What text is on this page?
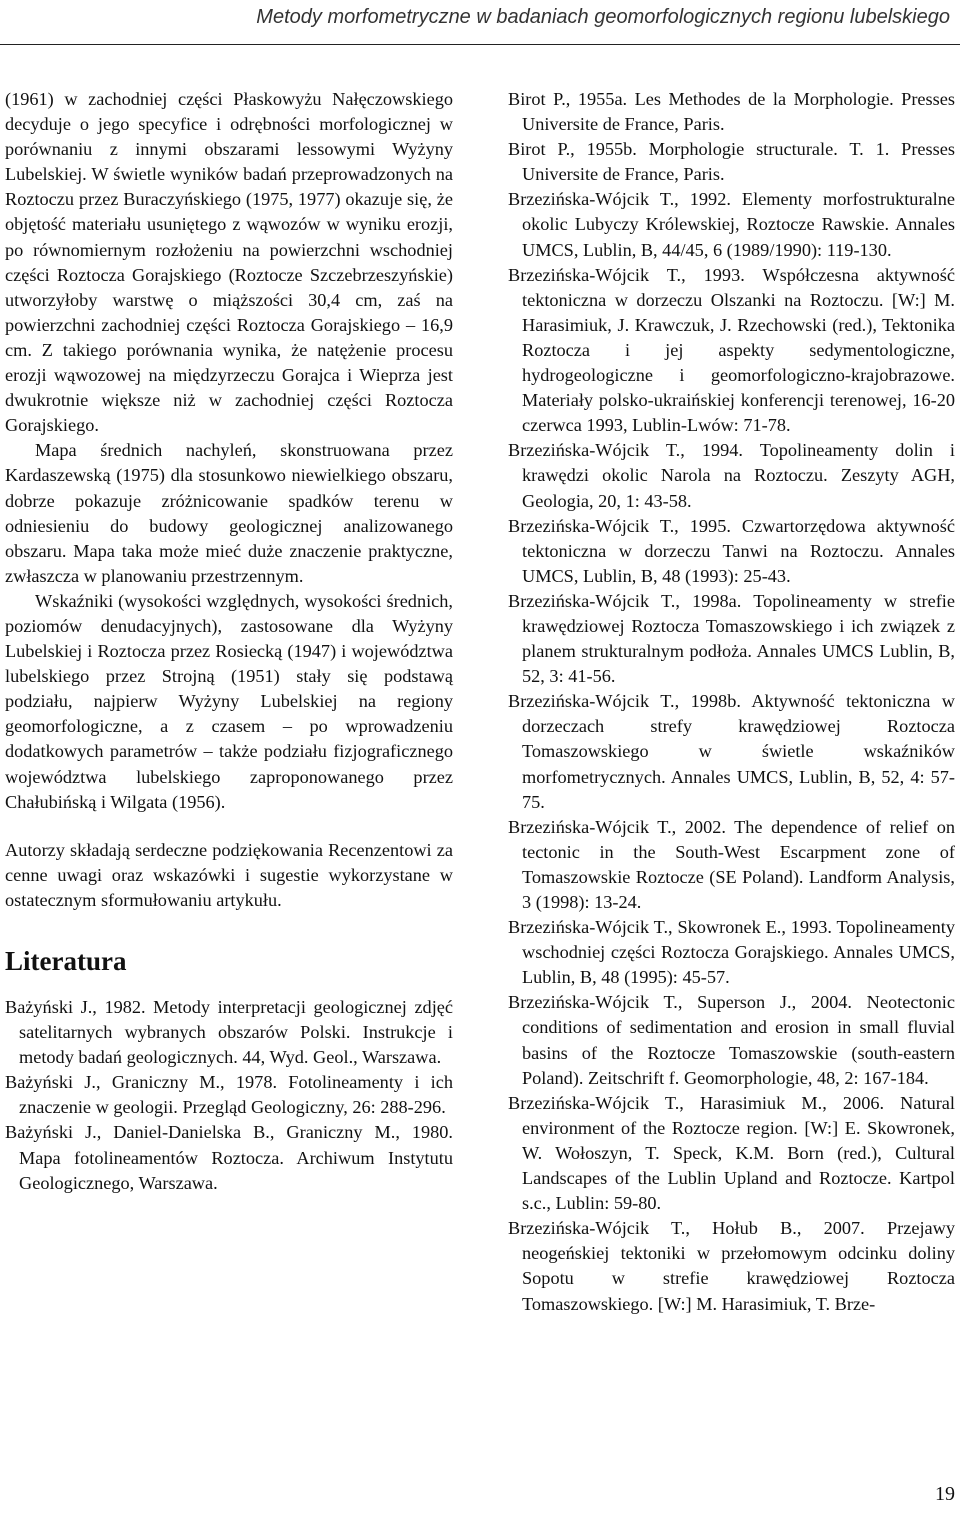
Metody morfometryczne w badaniach geomorfologicznych regionu lubelskiego

(1961) w zachodniej części Płaskowyżu Nałęczowskiego decyduje o jego specyfice i odrębności morfologicznej w porównaniu z innymi obszarami lessowymi Wyżyny Lubelskiej. W świetle wyników badań przeprowadzonych na Roztoczu przez Buraczyńskiego (1975, 1977) okazuje się, że objętość materiału usuniętego z wąwozów w wyniku erozji, po równomiernym rozłożeniu na powierzchni wschodniej części Roztocza Gorajskiego (Roztocze Szczebrzeszyńskie) utworzyłoby warstwę o miąższości 30,4 cm, zaś na powierzchni zachodniej części Roztocza Gorajskiego – 16,9 cm. Z takiego porównania wynika, że natężenie procesu erozji wąwozowej na międzyrzeczu Gorajca i Wieprza jest dwukrotnie większe niż w zachodniej części Roztocza Gorajskiego.

Mapa średnich nachyleń, skonstruowana przez Kardaszewską (1975) dla stosunkowo niewielkiego obszaru, dobrze pokazuje zróżnicowanie spadków terenu w odniesieniu do budowy geologicznej analizowanego obszaru. Mapa taka może mieć duże znaczenie praktyczne, zwłaszcza w planowaniu przestrzennym.

Wskaźniki (wysokości względnych, wysokości średnich, poziomów denudacyjnych), zastosowane dla Wyżyny Lubelskiej i Roztocza przez Rosiecką (1947) i województwa lubelskiego przez Strojną (1951) stały się podstawą podziału, najpierw Wyżyny Lubelskiej na regiony geomorfologiczne, a z czasem – po wprowadzeniu dodatkowych parametrów – także podziału fizjograficznego województwa lubelskiego zaproponowanego przez Chałubińską i Wilgata (1956).

Autorzy składają serdeczne podziękowania Recenzentowi za cenne uwagi oraz wskazówki i sugestie wykorzystane w ostatecznym sformułowaniu artykułu.

Literatura

Bażyński J., 1982. Metody interpretacji geologicznej zdjęć satelitarnych wybranych obszarów Polski. Instrukcje i metody badań geologicznych. 44, Wyd. Geol., Warszawa.

Bażyński J., Graniczny M., 1978. Fotolineamenty i ich znaczenie w geologii. Przegląd Geologiczny, 26: 288-296.

Bażyński J., Daniel-Danielska B., Graniczny M., 1980. Mapa fotolineamentów Roztocza. Archiwum Instytutu Geologicznego, Warszawa.

Birot P., 1955a. Les Methodes de la Morphologie. Presses Universite de France, Paris.

Birot P., 1955b. Morphologie structurale. T. 1. Presses Universite de France, Paris.

Brzezińska-Wójcik T., 1992. Elementy morfostrukturalne okolic Lubyczy Królewskiej, Roztocze Rawskie. Annales UMCS, Lublin, B, 44/45, 6 (1989/1990): 119-130.

Brzezińska-Wójcik T., 1993. Współczesna aktywność tektoniczna w dorzeczu Olszanki na Roztoczu. [W:] M. Harasimiuk, J. Krawczuk, J. Rzechowski (red.), Tektonika Roztocza i jej aspekty sedymentologiczne, hydrogeologiczne i geomorfologiczno-krajobrazowe. Materiały polsko-ukraińskiej konferencji terenowej, 16-20 czerwca 1993, Lublin-Lwów: 71-78.

Brzezińska-Wójcik T., 1994. Topolineamenty dolin i krawędzi okolic Narola na Roztoczu. Zeszyty AGH, Geologia, 20, 1: 43-58.

Brzezińska-Wójcik T., 1995. Czwartorzędowa aktywność tektoniczna w dorzeczu Tanwi na Roztoczu. Annales UMCS, Lublin, B, 48 (1993): 25-43.

Brzezińska-Wójcik T., 1998a. Topolineamenty w strefie krawędziowej Roztocza Tomaszowskiego i ich związek z planem strukturalnym podłoża. Annales UMCS Lublin, B, 52, 3: 41-56.

Brzezińska-Wójcik T., 1998b. Aktywność tektoniczna w dorzeczach strefy krawędziowej Roztocza Tomaszowskiego w świetle wskaźników morfometrycznych. Annales UMCS, Lublin, B, 52, 4: 57-75.

Brzezińska-Wójcik T., 2002. The dependence of relief on tectonic in the South-West Escarpment zone of Tomaszowskie Roztocze (SE Poland). Landform Analysis, 3 (1998): 13-24.

Brzezińska-Wójcik T., Skowronek E., 1993. Topolineamenty wschodniej części Roztocza Gorajskiego. Annales UMCS, Lublin, B, 48 (1995): 45-57.

Brzezińska-Wójcik T., Superson J., 2004. Neotectonic conditions of sedimentation and erosion in small fluvial basins of the Roztocze Tomaszowskie (south-eastern Poland). Zeitschrift f. Geomorphologie, 48, 2: 167-184.

Brzezińska-Wójcik T., Harasimiuk M., 2006. Natural environment of the Roztocze region. [W:] E. Skowronek, W. Wołoszyn, T. Speck, K.M. Born (red.), Cultural Landscapes of the Lublin Upland and Roztocze. Kartpol s.c., Lublin: 59-80.

Brzezińska-Wójcik T., Hołub B., 2007. Przejawy neogeńskiej tektoniki w przełomowym odcinku doliny Sopotu w strefie krawędziowej Roztocza Tomaszowskiego. [W:] M. Harasimiuk, T. Brze-

19
